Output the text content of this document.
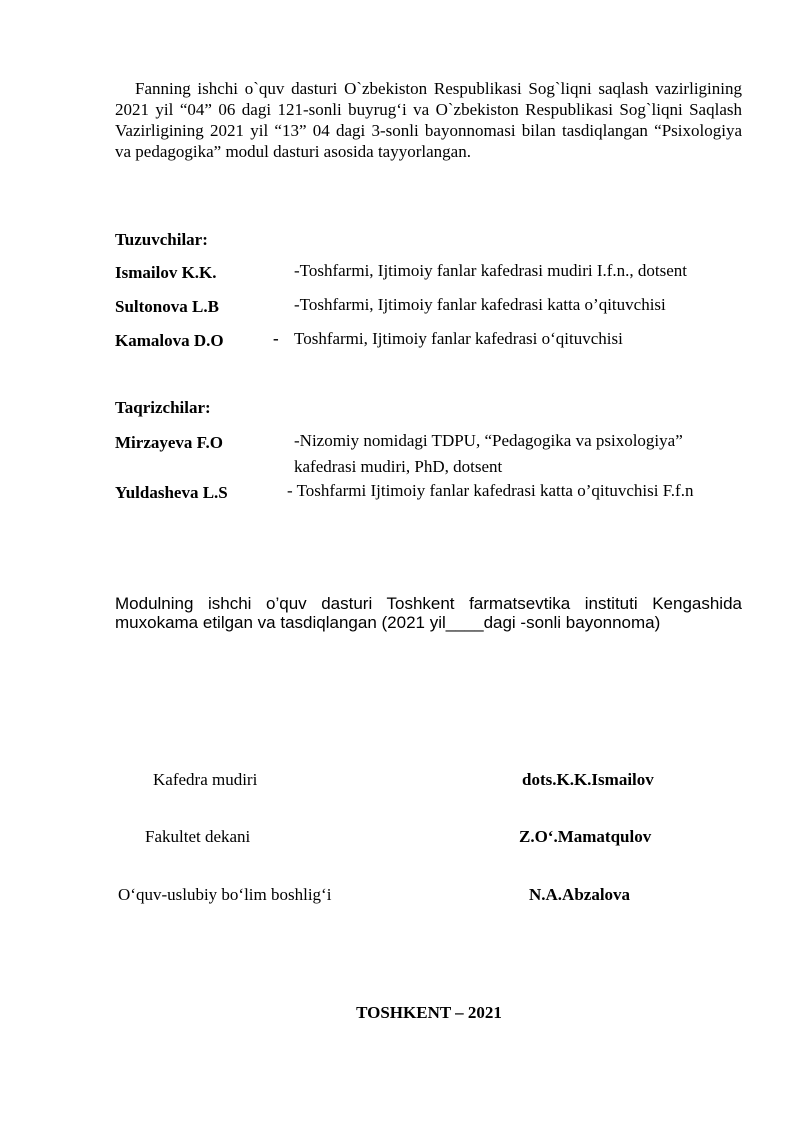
Fanning ishchi o`quv dasturi O`zbekiston Respublikasi Sog`liqni saqlash vazirligining 2021 yil “04” 06 dagi 121-sonli buyrug‘i va O`zbekiston Respublikasi Sog`liqni Saqlash Vazirligining 2021 yil “13” 04 dagi 3-sonli bayonnomasi bilan tasdiqlangan “Psixologiya va pedagogika” modul dasturi asosida tayyorlangan.

Tuzuvchilar:
Ismailov K.K.	-Toshfarmi, Ijtimoiy fanlar kafedrasi mudiri I.f.n., dotsent
Sultonova L.B	-Toshfarmi, Ijtimoiy fanlar kafedrasi katta o’qituvchisi
Kamalova D.O	- Toshfarmi, Ijtimoiy fanlar kafedrasi o‘qituvchisi
Taqrizchilar:
Mirzayeva F.O	-Nizomiy nomidagi TDPU, “Pedagogika va psixologiya”
kafedrasi mudiri, PhD, dotsent
Yuldasheva L.S	- Toshfarmi Ijtimoiy fanlar kafedrasi katta o’qituvchisi F.f.n

Modulning ishchi o’quv dasturi Toshkent farmatsevtika instituti Kengashida muxokama etilgan va tasdiqlangan (2021 yil____dagi -sonli bayonnoma)

Kafedra mudiri	dots.K.K.Ismailov
Fakultet dekani	Z.O‘.Mamatqulov
O‘quv-uslubiy bo‘lim boshlig‘i	N.A.Abzalova
TOSHKENT – 2021
